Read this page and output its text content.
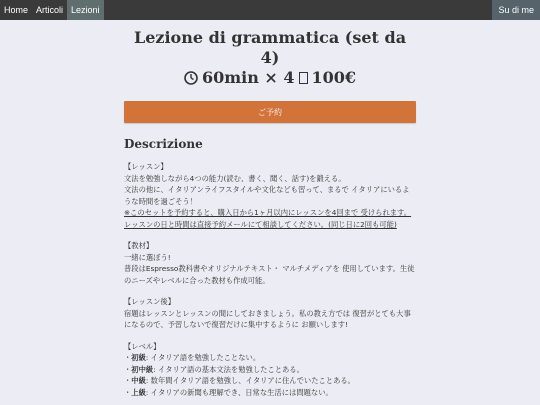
Home Articoli Lezioni	Su di me
Lezione di grammatica (set da 4)
60min × 4 100€
ご予約
Descrizione

【レッスン】
文法を勉強しながら4つの能力(読む、書く、聞く、話す)を鍛える。
文法の他に、イタリアンライフスタイルや文化なども習って、まるで イタリアにいるような時間を過ごそう！
※このセットを予約すると、購入日から1ヶ月以内にレッスンを4回まで 受けられます。レッスンの日と時間は直接予約メールにて相談してください。(同じ日に2回も可能)

【教材】
一緒に選ぼう!
普段はEspresso教科書やオリジナルテキスト・ マルチメディアを 使用しています。生徒のニーズやレベルに合った教材も作成可能。

【レッスン後】
宿題はレッスンとレッスンの間にしておきましょう。私の教え方では 復習がとても大事になるので、予習しないで復習だけに集中するように お願いします!

【レベル】
・初級: イタリア語を勉強したことない。
・初中級: イタリア語の基本文法を勉強したことある。
・中級: 数年間イタリア語を勉強し、イタリアに住んでいたことある。
・上級: イタリアの新聞も理解でき、日常な生活には問題ない。
